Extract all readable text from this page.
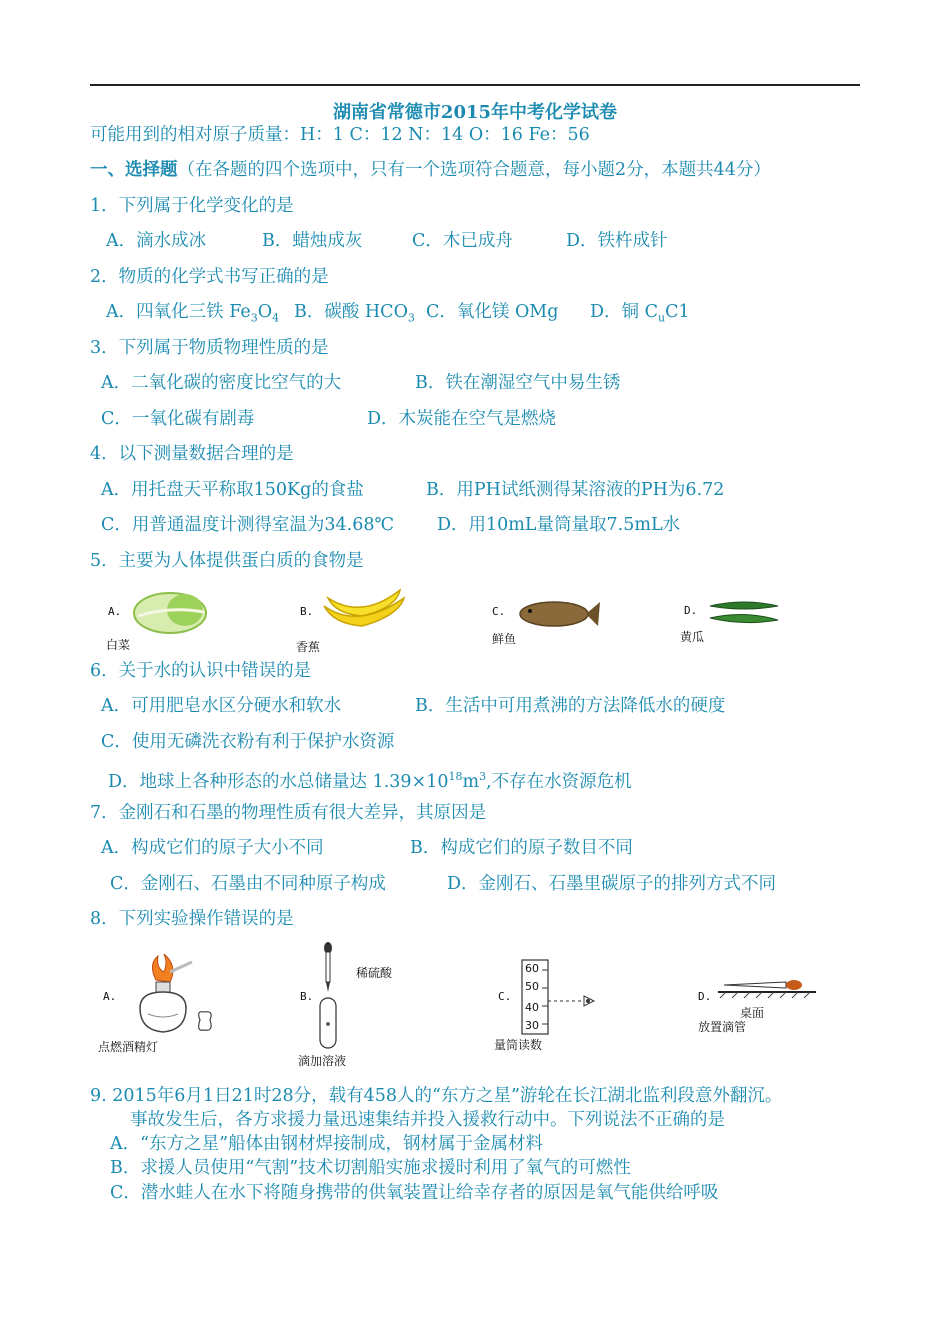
湖南省常德市2015年中考化学试卷
可能用到的相对原子质量：H：1 C：12 N：14 O：16 Fe：56
一、选择题（在各题的四个选项中，只有一个选项符合题意，每小题2分，本题共44分）
1．下列属于化学变化的是
A．滴水成冰	B．蜡烛成灰	C．木已成舟	D．铁杵成针
2．物质的化学式书写正确的是
A．四氧化三铁 $Fe_3O_4$ B．碳酸 $HCO_3$ C．氧化镁 OMg D．铜 $C_uC1$
3．下列属于物质物理性质的是
A．二氧化碳的密度比空气的大	B．铁在潮湿空气中易生锈
C．一氧化碳有剧毒	D．木炭能在空气是燃烧
4．以下测量数据合理的是
A．用托盘天平称取150Kg的食盐	B．用PH试纸测得某溶液的PH为6.72
C．用普通温度计测得室温为34.68℃ D．用10mL量筒量取7.5mL水
5．主要为人体提供蛋白质的食物是
A.
白菜
B.
香蕉
C.
鲜鱼
D.
黄瓜
6．关于水的认识中错误的是
A．可用肥皂水区分硬水和软水	B．生活中可用煮沸的方法降低水的硬度
C．使用无磷洗衣粉有利于保护水资源
D．地球上各种形态的水总储量达 $1.39\times 10^{18}m^3$,不存在水资源危机
7．金刚石和石墨的物理性质有很大差异，其原因是
A．构成它们的原子大小不同	B．构成它们的原子数目不同
C．金刚石、石墨由不同种原子构成	D．金刚石、石墨里碳原子的排列方式不同
8．下列实验操作错误的是
A.
点燃酒精灯
B.
稀硫酸
滴加溶液
C.
60
50
40
30
量筒读数
D.
桌面
放置滴管
9. 2015年6月1日21时28分，载有458人的“东方之星”游轮在长江湖北监利段意外翻沉。
事故发生后，各方求援力量迅速集结并投入援救行动中。下列说法不正确的是
A．“东方之星”船体由钢材焊接制成，钢材属于金属材料
B．求援人员使用“气割”技术切割船实施求援时利用了氧气的可燃性
C．潜水蛙人在水下将随身携带的供氧装置让给幸存者的原因是氧气能供给呼吸
